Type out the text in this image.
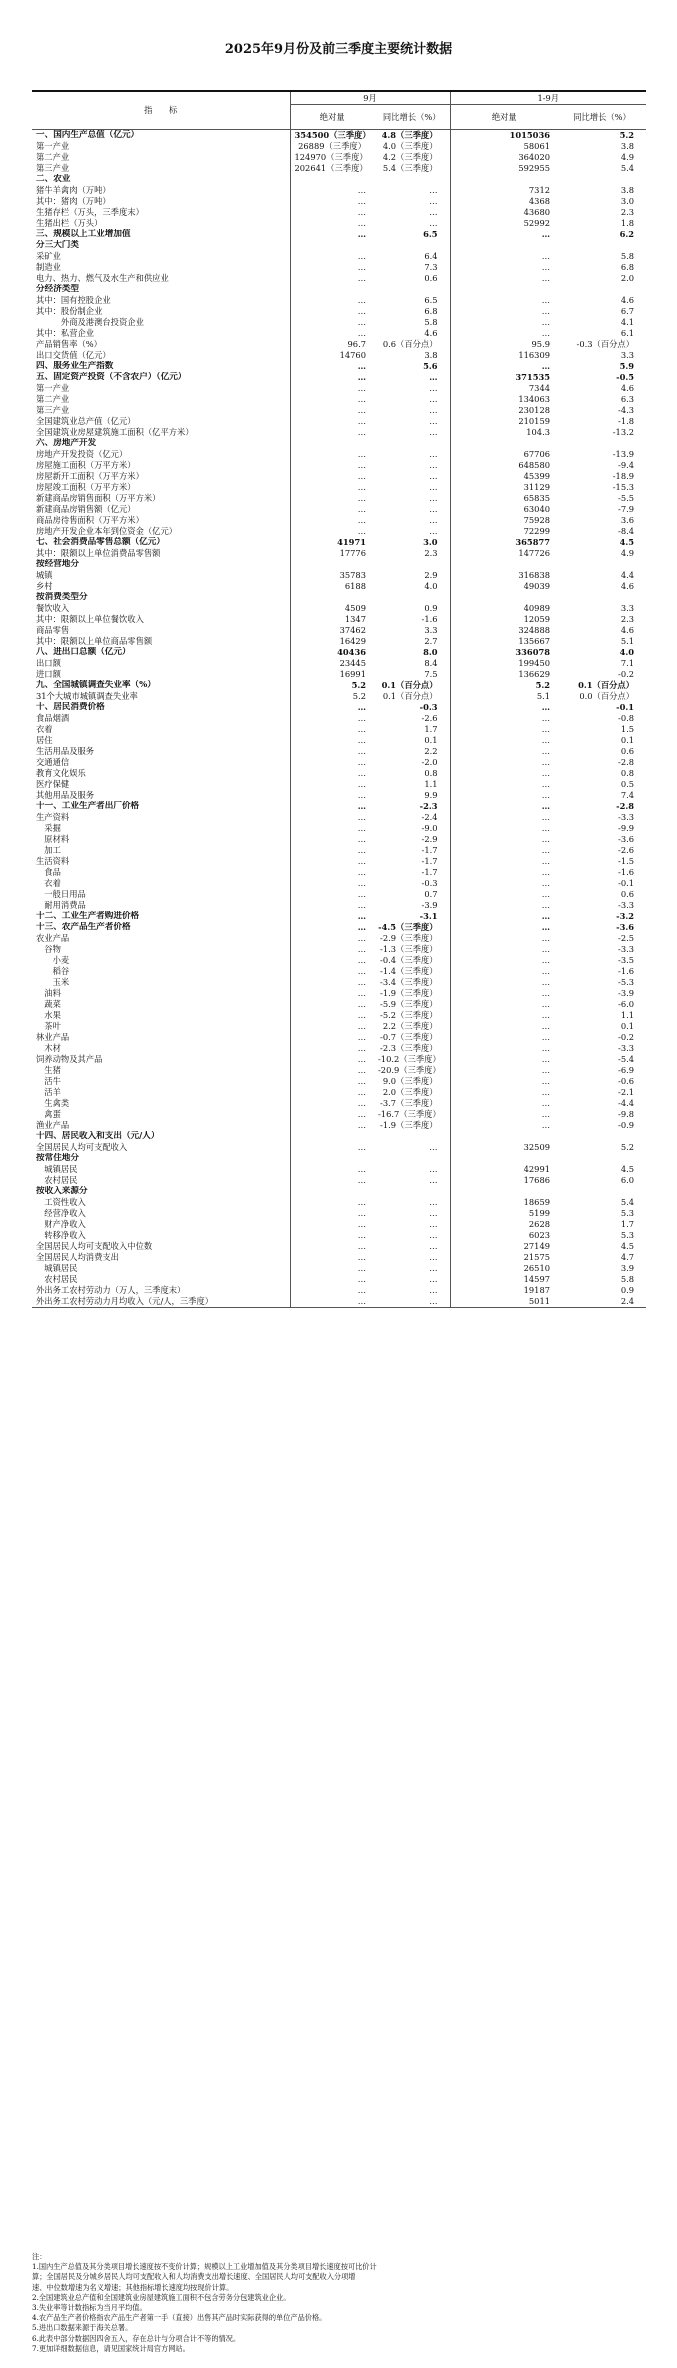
2025年9月份及前三季度主要统计数据
指　　标	9月		1-9月	
	绝对量	同比增长（%）	绝对量	同比增长（%）
一、国内生产总值（亿元）	354500（三季度）	4.8（三季度）	1015036	5.2
第一产业	26889（三季度）	4.0（三季度）	58061	3.8
第二产业	124970（三季度）	4.2（三季度）	364020	4.9
第三产业	202641（三季度）	5.4（三季度）	592955	5.4
二、农业				
猪牛羊禽肉（万吨）	…	…	7312	3.8
其中：猪肉（万吨）	…	…	4368	3.0
生猪存栏（万头，三季度末）	…	…	43680	2.3
生猪出栏（万头）	…	…	52992	1.8
三、规模以上工业增加值	…	6.5	…	6.2
分三大门类				
采矿业	…	6.4	…	5.8
制造业	…	7.3	…	6.8
电力、热力、燃气及水生产和供应业	…	0.6	…	2.0
分经济类型				
其中：国有控股企业	…	6.5	…	4.6
其中：股份制企业	…	6.8	…	6.7
　　　外商及港澳台投资企业	…	5.8	…	4.1
其中：私营企业	…	4.6	…	6.1
产品销售率（%）	96.7	0.6（百分点）	95.9	-0.3（百分点）
出口交货值（亿元）	14760	3.8	116309	3.3
四、服务业生产指数	…	5.6	…	5.9
五、固定资产投资（不含农户）（亿元）	…	…	371535	-0.5
第一产业	…	…	7344	4.6
第二产业	…	…	134063	6.3
第三产业	…	…	230128	-4.3
全国建筑业总产值（亿元）	…	…	210159	-1.8
全国建筑业房屋建筑施工面积（亿平方米）	…	…	104.3	-13.2
六、房地产开发				
房地产开发投资（亿元）	…	…	67706	-13.9
房屋施工面积（万平方米）	…	…	648580	-9.4
房屋新开工面积（万平方米）	…	…	45399	-18.9
房屋竣工面积（万平方米）	…	…	31129	-15.3
新建商品房销售面积（万平方米）	…	…	65835	-5.5
新建商品房销售额（亿元）	…	…	63040	-7.9
商品房待售面积（万平方米）	…	…	75928	3.6
房地产开发企业本年到位资金（亿元）	…	…	72299	-8.4
七、社会消费品零售总额（亿元）	41971	3.0	365877	4.5
其中：限额以上单位消费品零售额	17776	2.3	147726	4.9
按经营地分				
城镇	35783	2.9	316838	4.4
乡村	6188	4.0	49039	4.6
按消费类型分				
餐饮收入	4509	0.9	40989	3.3
其中：限额以上单位餐饮收入	1347	-1.6	12059	2.3
商品零售	37462	3.3	324888	4.6
其中：限额以上单位商品零售额	16429	2.7	135667	5.1
八、进出口总额（亿元）	40436	8.0	336078	4.0
出口额	23445	8.4	199450	7.1
进口额	16991	7.5	136629	-0.2
九、全国城镇调查失业率（%）	5.2	0.1（百分点）	5.2	0.1（百分点）
31个大城市城镇调查失业率	5.2	0.1（百分点）	5.1	0.0（百分点）
十、居民消费价格	…	-0.3	…	-0.1
食品烟酒	…	-2.6	…	-0.8
衣着	…	1.7	…	1.5
居住	…	0.1	…	0.1
生活用品及服务	…	2.2	…	0.6
交通通信	…	-2.0	…	-2.8
教育文化娱乐	…	0.8	…	0.8
医疗保健	…	1.1	…	0.5
其他用品及服务	…	9.9	…	7.4
十一、工业生产者出厂价格	…	-2.3	…	-2.8
生产资料	…	-2.4	…	-3.3
　采掘	…	-9.0	…	-9.9
　原材料	…	-2.9	…	-3.6
　加工	…	-1.7	…	-2.6
生活资料	…	-1.7	…	-1.5
　食品	…	-1.7	…	-1.6
　衣着	…	-0.3	…	-0.1
　一般日用品	…	0.7	…	0.6
　耐用消费品	…	-3.9	…	-3.3
十二、工业生产者购进价格	…	-3.1	…	-3.2
十三、农产品生产者价格	…	-4.5（三季度）	…	-3.6
农业产品	…	-2.9（三季度）	…	-2.5
　谷物	…	-1.3（三季度）	…	-3.3
　　小麦	…	-0.4（三季度）	…	-3.5
　　稻谷	…	-1.4（三季度）	…	-1.6
　　玉米	…	-3.4（三季度）	…	-5.3
　油料	…	-1.9（三季度）	…	-3.9
　蔬菜	…	-5.9（三季度）	…	-6.0
　水果	…	-5.2（三季度）	…	1.1
　茶叶	…	2.2（三季度）	…	0.1
林业产品	…	-0.7（三季度）	…	-0.2
　木材	…	-2.3（三季度）	…	-3.3
饲养动物及其产品	…	-10.2（三季度）	…	-5.4
　生猪	…	-20.9（三季度）	…	-6.9
　活牛	…	9.0（三季度）	…	-0.6
　活羊	…	2.0（三季度）	…	-2.1
　生禽类	…	-3.7（三季度）	…	-4.4
　禽蛋	…	-16.7（三季度）	…	-9.8
渔业产品	…	-1.9（三季度）	…	-0.9
十四、居民收入和支出（元/人）				
全国居民人均可支配收入	…	…	32509	5.2
按常住地分				
　城镇居民	…	…	42991	4.5
　农村居民	…	…	17686	6.0
按收入来源分				
　工资性收入	…	…	18659	5.4
　经营净收入	…	…	5199	5.3
　财产净收入	…	…	2628	1.7
　转移净收入	…	…	6023	5.3
全国居民人均可支配收入中位数	…	…	27149	4.5
全国居民人均消费支出	…	…	21575	4.7
　城镇居民	…	…	26510	3.9
　农村居民	…	…	14597	5.8
外出务工农村劳动力（万人，三季度末）	…	…	19187	0.9
外出务工农村劳动力月均收入（元/人，三季度）	…	…	5011	2.4
注：
1.国内生产总值及其分类项目增长速度按不变价计算；规模以上工业增加值及其分类项目增长速度按可比价计
算；全国居民及分城乡居民人均可支配收入和人均消费支出增长速度、全国居民人均可支配收入分项增
速、中位数增速为名义增速；其他指标增长速度均按现价计算。
2.全国建筑业总产值和全国建筑业房屋建筑施工面积不包含劳务分包建筑业企业。
3.失业率等计数指标为当月平均值。
4.农产品生产者价格指农产品生产者第一手（直接）出售其产品时实际获得的单位产品价格。
5.进出口数据来源于海关总署。
6.此表中部分数据因四舍五入，存在总计与分项合计不等的情况。
7.更加详细数据信息，请见国家统计局官方网站。
